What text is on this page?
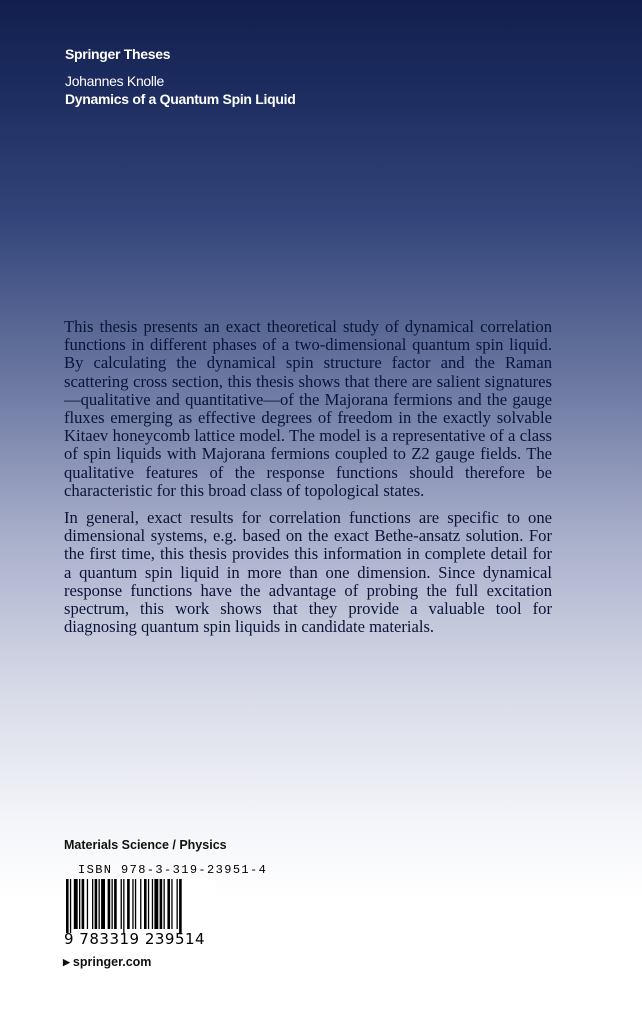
Springer Theses
Johannes Knolle
Dynamics of a Quantum Spin Liquid

This thesis presents an exact theoretical study of dynamical correlation functions in different phases of a two-dimensional quantum spin liquid. By calculating the dynamical spin structure factor and the Raman scattering cross section, this thesis shows that there are salient signatures—qualitative and quantitative—of the Majorana fermions and the gauge fluxes emerging as effective degrees of freedom in the exactly solvable Kitaev honeycomb lattice model. The model is a representative of a class of spin liquids with Majorana fermions coupled to Z2 gauge fields. The qualitative features of the response functions should therefore be characteristic for this broad class of topological states.

In general, exact results for correlation functions are specific to one dimensional systems, e.g. based on the exact Bethe-ansatz solution. For the first time, this thesis provides this information in complete detail for a quantum spin liquid in more than one dimension. Since dynamical response functions have the advantage of probing the full excitation spectrum, this work shows that they provide a valuable tool for diagnosing quantum spin liquids in candidate materials.

Materials Science / Physics
ISBN 978-3-319-23951-4
9 783319 239514
▶ springer.com
